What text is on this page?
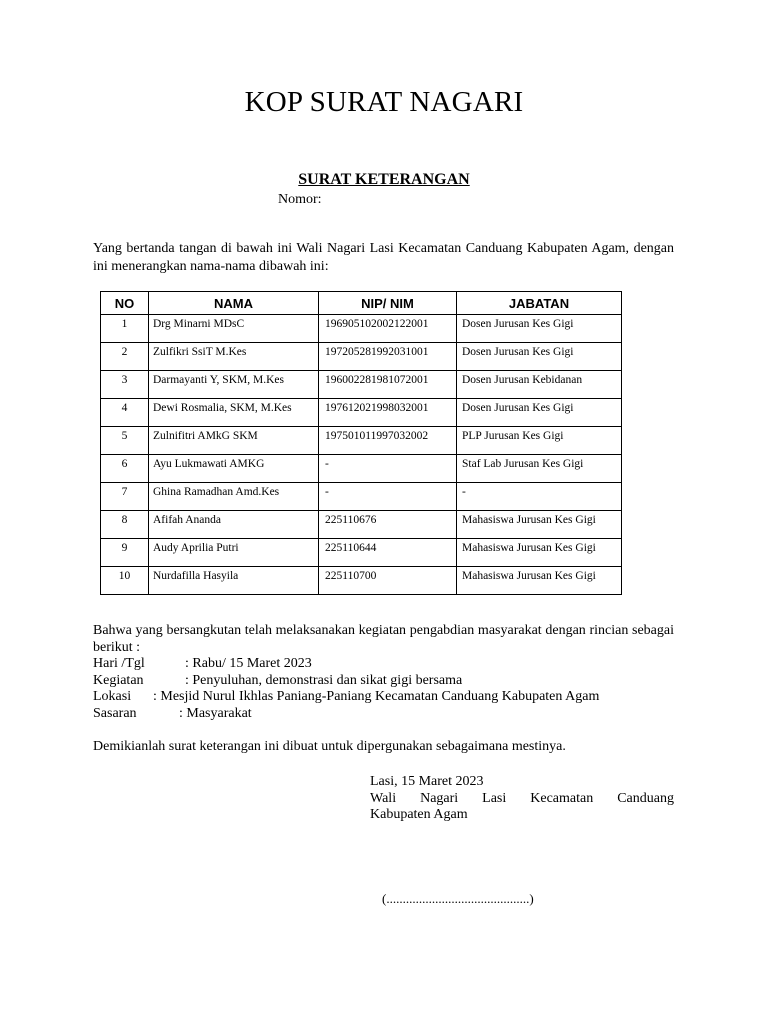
KOP SURAT NAGARI
SURAT KETERANGAN
Nomor:
Yang bertanda tangan di bawah ini Wali Nagari Lasi Kecamatan Canduang Kabupaten Agam, dengan ini menerangkan nama-nama dibawah ini:
NO	NAMA	NIP/ NIM	JABATAN
1	Drg Minarni MDsC	196905102002122001	Dosen Jurusan Kes Gigi
2	Zulfikri SsiT M.Kes	197205281992031001	Dosen Jurusan Kes Gigi
3	Darmayanti Y, SKM, M.Kes	196002281981072001	Dosen Jurusan Kebidanan
4	Dewi Rosmalia, SKM, M.Kes	197612021998032001	Dosen Jurusan Kes Gigi
5	Zulnifitri AMkG SKM	197501011997032002	PLP Jurusan Kes Gigi
6	Ayu Lukmawati AMKG	-	Staf Lab Jurusan Kes Gigi
7	Ghina Ramadhan Amd.Kes	-	-
8	Afifah Ananda	225110676	Mahasiswa Jurusan Kes Gigi
9	Audy Aprilia Putri	225110644	Mahasiswa Jurusan Kes Gigi
10	Nurdafilla Hasyila	225110700	Mahasiswa Jurusan Kes Gigi
Bahwa yang bersangkutan telah melaksanakan kegiatan pengabdian masyarakat dengan rincian sebagai berikut :
Hari /Tgl	: Rabu/ 15 Maret 2023
Kegiatan	: Penyuluhan, demonstrasi dan sikat gigi bersama
Lokasi : Mesjid Nurul Ikhlas Paniang-Paniang Kecamatan Canduang Kabupaten Agam
Sasaran	: Masyarakat
Demikianlah surat keterangan ini dibuat untuk dipergunakan sebagaimana mestinya.
Lasi, 15 Maret 2023
Wali Nagari Lasi Kecamatan Canduang
Kabupaten Agam
(............................................)
